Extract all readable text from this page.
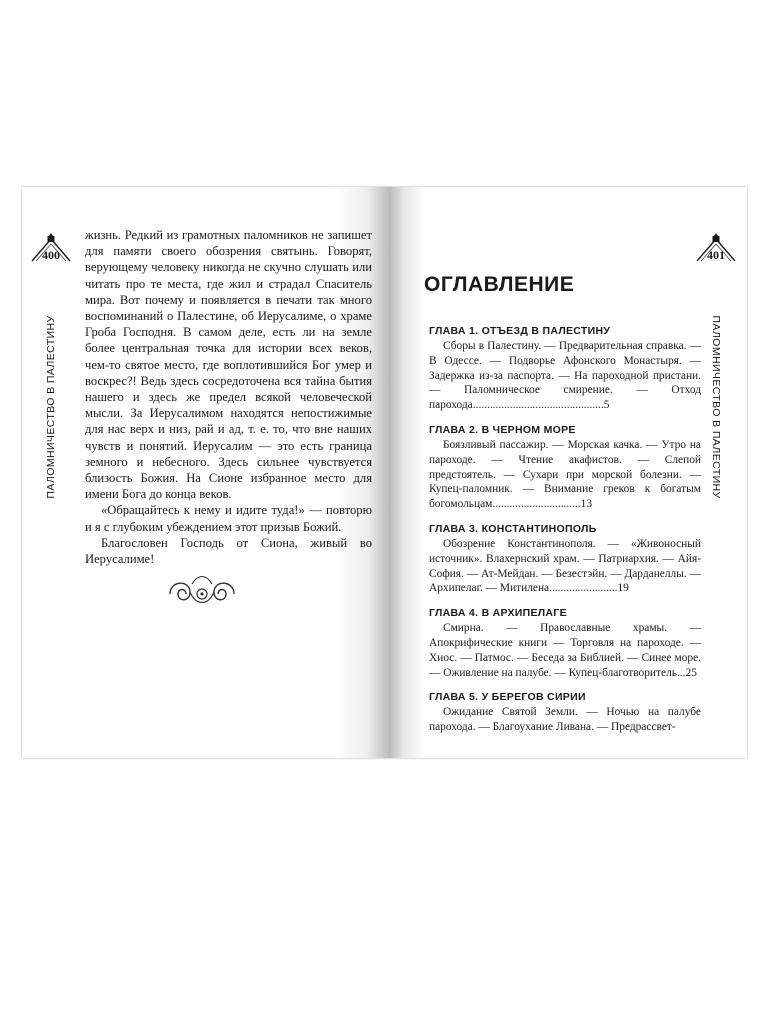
400
ПАЛОМНИЧЕСТВО В ПАЛЕСТИНУ

жизнь. Редкий из грамотных паломников не запишет для памяти своего обозрения святынь. Говорят, верующему человеку никогда не скучно слушать или читать про те места, где жил и страдал Спаситель мира. Вот почему и появляется в печати так много воспоминаний о Палестине, об Иерусалиме, о храме Гроба Господня. В самом деле, есть ли на земле более центральная точка для истории всех веков, чем-то святое место, где воплотившийся Бог умер и воскрес?! Ведь здесь сосредоточена вся тайна бытия нашего и здесь же предел всякой человеческой мысли. За Иерусалимом находятся непостижимые для нас верх и низ, рай и ад, т. е. то, что вне наших чувств и понятий. Иерусалим — это есть граница земного и небесного. Здесь сильнее чувствуется близость Божия. На Сионе избранное место для имени Бога до конца веков.

«Обращайтесь к нему и идите туда!» — повторю и я с глубоким убеждением этот призыв Божий.

Благословен Господь от Сиона, живый во Иерусалиме!

401
ПАЛОМНИЧЕСТВО В ПАЛЕСТИНУ
ОГЛАВЛЕНИЕ
ГЛАВА 1. ОТЪЕЗД В ПАЛЕСТИНУ
Сборы в Палестину. — Предварительная справка. — В Одессе. — Подворье Афонского Монастыря. — Задержка из-за паспорта. — На пароходной пристани. — Паломническое смирение. — Отход парохода..............................................5
ГЛАВА 2. В ЧЕРНОМ МОРЕ
Боязливый пассажир. — Морская качка. — Утро на пароходе. — Чтение акафистов. — Слепой предстоятель. — Сухари при морской болезни. — Купец-паломник. — Внимание греков к богатым богомольцам...............................13
ГЛАВА 3. КОНСТАНТИНОПОЛЬ
Обозрение Константинополя. — «Живоносный источник». Влахернский храм. — Патриархия. — Айя-София. — Ат-Мейдан. — Безестэйн. — Дарданеллы. — Архипелаг. — Митилена........................19
ГЛАВА 4. В АРХИПЕЛАГЕ
Смирна. — Православные храмы. — Апокрифические книги — Торговля на пароходе. — Хиос. — Патмос. — Беседа за Библией. — Синее море. — Оживление на палубе. — Купец-благотворитель...25
ГЛАВА 5. У БЕРЕГОВ СИРИИ
Ожидание Святой Земли. — Ночью на палубе парохода. — Благоухание Ливана. — Предрассвет-
